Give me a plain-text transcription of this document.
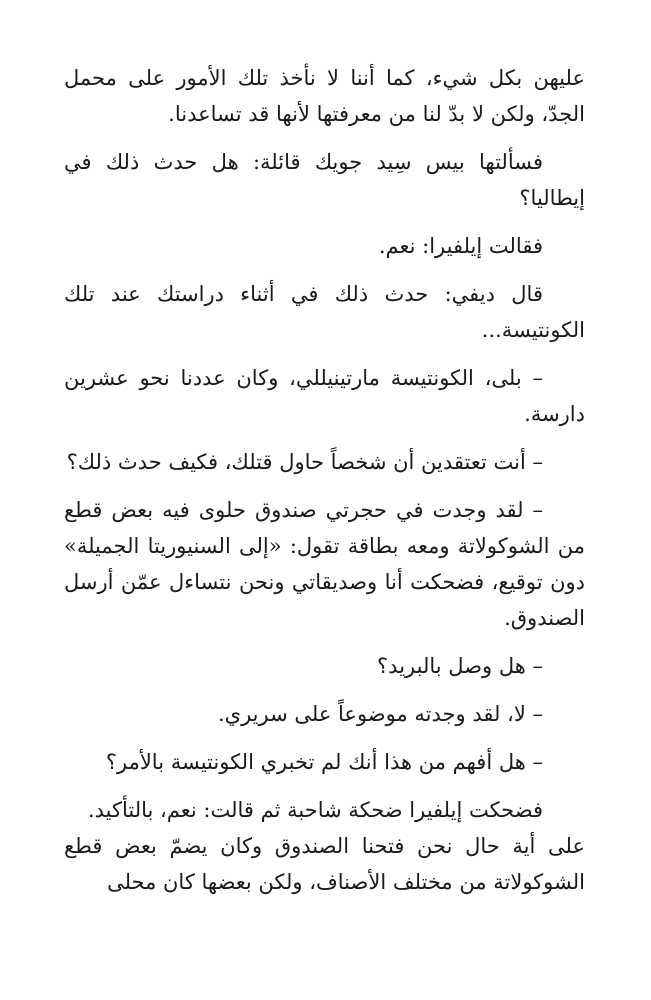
عليهن بكل شيء، كما أننا لا نأخذ تلك الأمور على محمل الجدّ، ولكن لا بدّ لنا من معرفتها لأنها قد تساعدنا.

فسألتها بيس سِيد جويك قائلة: هل حدث ذلك في إيطاليا؟

فقالت إيلفيرا: نعم.

قال ديفي: حدث ذلك في أثناء دراستك عند تلك الكونتيسة...

– بلى، الكونتيسة مارتينيللي، وكان عددنا نحو عشرين دارسة.

– أنت تعتقدين أن شخصاً حاول قتلك، فكيف حدث ذلك؟

– لقد وجدت في حجرتي صندوق حلوى فيه بعض قطع من الشوكولاتة ومعه بطاقة تقول: «إلى السنيوريتا الجميلة» دون توقيع، فضحكت أنا وصديقاتي ونحن نتساءل عمّن أرسل الصندوق.

– هل وصل بالبريد؟

– لا، لقد وجدته موضوعاً على سريري.

– هل أفهم من هذا أنك لم تخبري الكونتيسة بالأمر؟

فضحكت إيلفيرا ضحكة شاحبة ثم قالت: نعم، بالتأكيد.

على أية حال نحن فتحنا الصندوق وكان يضمّ بعض قطع الشوكولاتة من مختلف الأصناف، ولكن بعضها كان محلى
